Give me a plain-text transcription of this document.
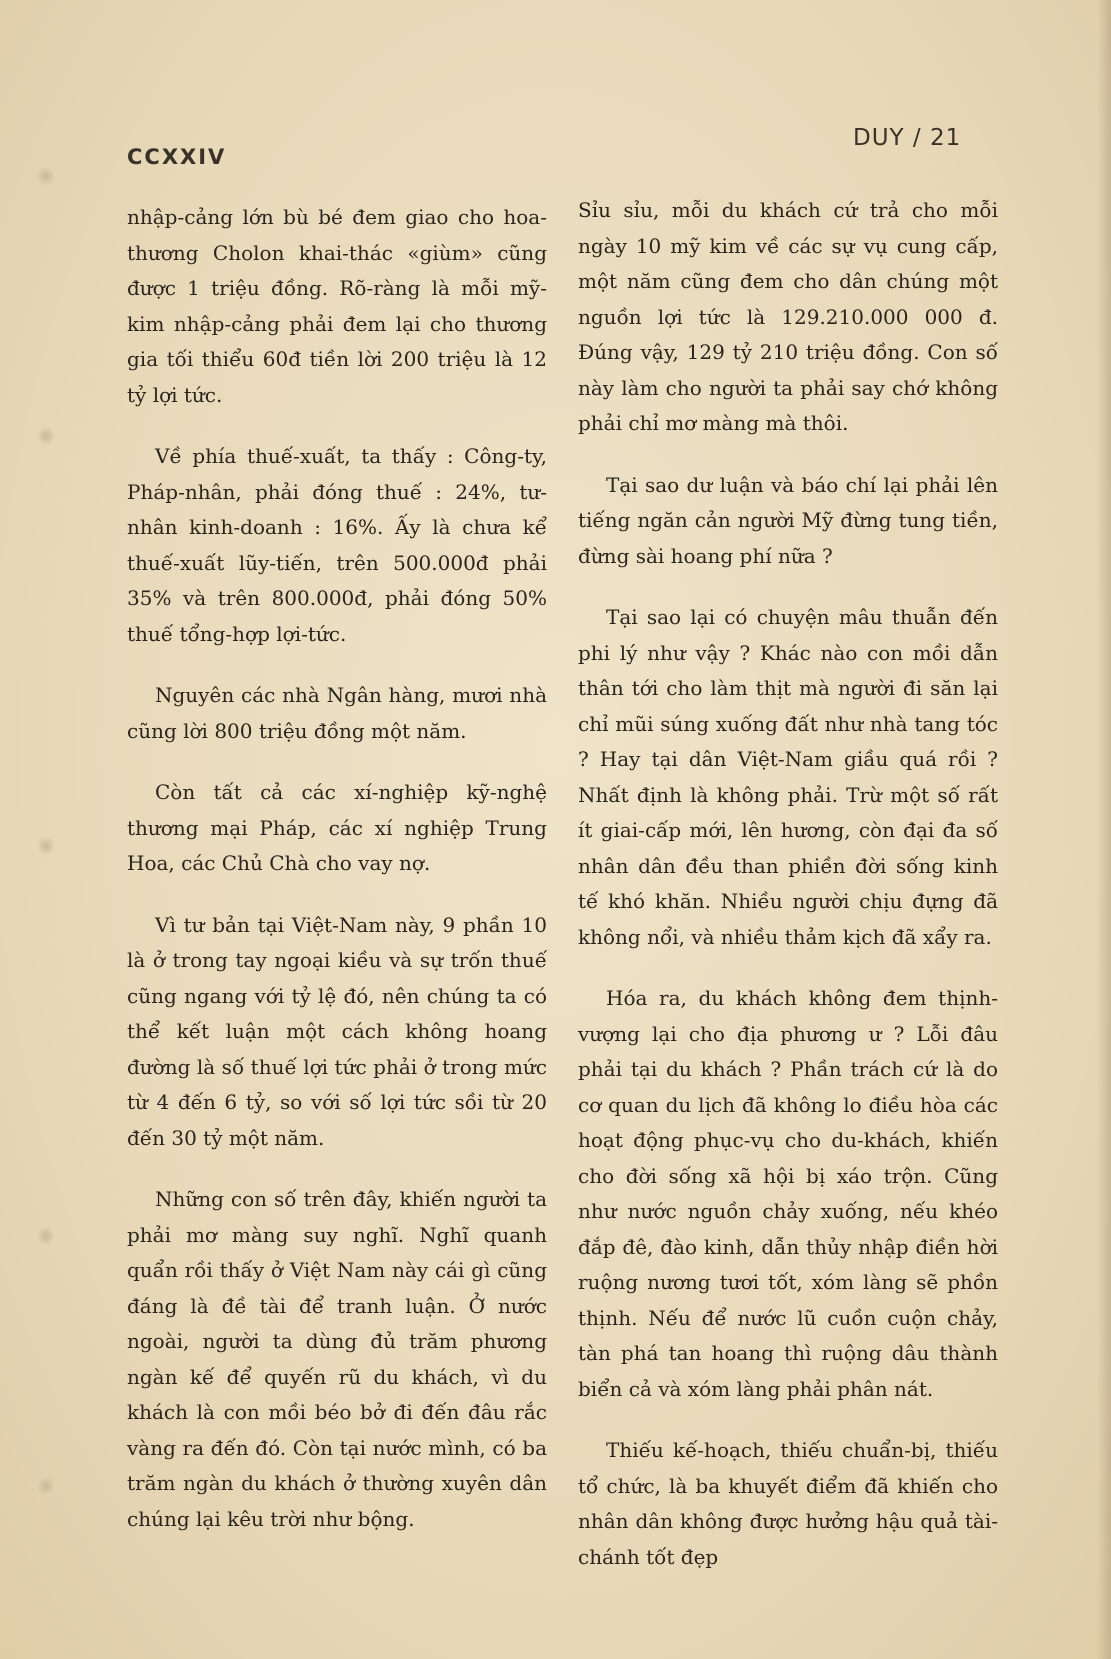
CCXXIV
DUY / 21

nhập-cảng lớn bù bé đem giao cho hoa-thương Cholon khai-thác «giùm» cũng được 1 triệu đồng. Rõ-ràng là mỗi mỹ-kim nhập-cảng phải đem lại cho thương gia tối thiểu 60đ tiền lời 200 triệu là 12 tỷ lợi tức.

Về phía thuế-xuất, ta thấy : Công-ty, Pháp-nhân, phải đóng thuế : 24%, tư-nhân kinh-doanh : 16%. Ấy là chưa kể thuế-xuất lũy-tiến, trên 500.000đ phải 35% và trên 800.000đ, phải đóng 50% thuế tổng-hợp lợi-tức.

Nguyên các nhà Ngân hàng, mươi nhà cũng lời 800 triệu đồng một năm.

Còn tất cả các xí-nghiệp kỹ-nghệ thương mại Pháp, các xí nghiệp Trung Hoa, các Chủ Chà cho vay nợ.

Vì tư bản tại Việt-Nam này, 9 phần 10 là ở trong tay ngoại kiều và sự trốn thuế cũng ngang với tỷ lệ đó, nên chúng ta có thể kết luận một cách không hoang đường là số thuế lợi tức phải ở trong mức từ 4 đến 6 tỷ, so với số lợi tức sồi từ 20 đến 30 tỷ một năm.

Những con số trên đây, khiến người ta phải mơ màng suy nghĩ. Nghĩ quanh quẩn rồi thấy ở Việt Nam này cái gì cũng đáng là đề tài để tranh luận. Ở nước ngoài, người ta dùng đủ trăm phương ngàn kế để quyến rũ du khách, vì du khách là con mồi béo bở đi đến đâu rắc vàng ra đến đó. Còn tại nước mình, có ba trăm ngàn du khách ở thường xuyên dân chúng lại kêu trời như bộng.

Sỉu sỉu, mỗi du khách cứ trả cho mỗi ngày 10 mỹ kim về các sự vụ cung cấp, một năm cũng đem cho dân chúng một nguồn lợi tức là 129.210.000 000 đ. Đúng vậy, 129 tỷ 210 triệu đồng. Con số này làm cho người ta phải say chớ không phải chỉ mơ màng mà thôi.

Tại sao dư luận và báo chí lại phải lên tiếng ngăn cản người Mỹ đừng tung tiền, đừng sài hoang phí nữa ?

Tại sao lại có chuyện mâu thuẫn đến phi lý như vậy ? Khác nào con mồi dẫn thân tới cho làm thịt mà người đi săn lại chỉ mũi súng xuống đất như nhà tang tóc ? Hay tại dân Việt-Nam giầu quá rồi ? Nhất định là không phải. Trừ một số rất ít giai-cấp mới, lên hương, còn đại đa số nhân dân đều than phiền đời sống kinh tế khó khăn. Nhiều người chịu đựng đã không nổi, và nhiều thảm kịch đã xẩy ra.

Hóa ra, du khách không đem thịnh-vượng lại cho địa phương ư ? Lỗi đâu phải tại du khách ? Phần trách cứ là do cơ quan du lịch đã không lo điều hòa các hoạt động phục-vụ cho du-khách, khiến cho đời sống xã hội bị xáo trộn. Cũng như nước nguồn chảy xuống, nếu khéo đắp đê, đào kinh, dẫn thủy nhập điền hời ruộng nương tươi tốt, xóm làng sẽ phồn thịnh. Nếu để nước lũ cuồn cuộn chảy, tàn phá tan hoang thì ruộng dâu thành biển cả và xóm làng phải phân nát.

Thiếu kế-hoạch, thiếu chuẩn-bị, thiếu tổ chức, là ba khuyết điểm đã khiến cho nhân dân không được hưởng hậu quả tài-chánh tốt đẹp
